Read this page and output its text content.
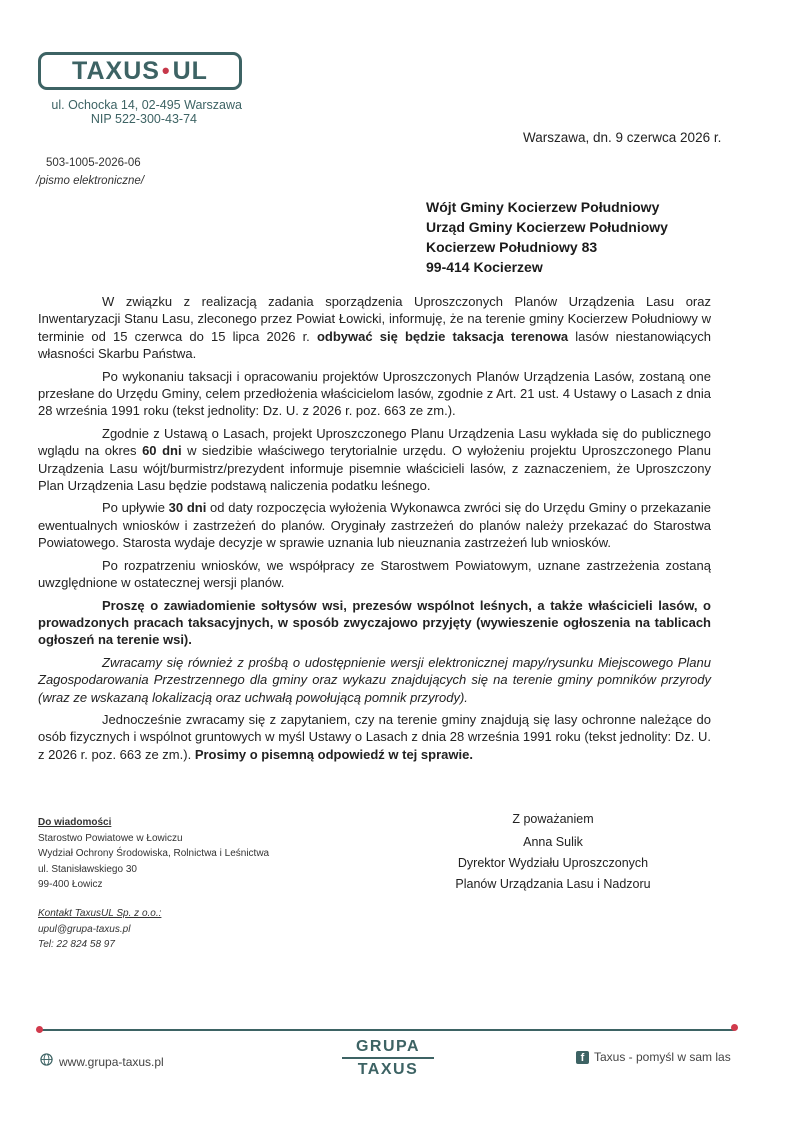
TAXUS • UL
ul. Ochocka 14, 02-495 Warszawa
NIP 522-300-43-74
Warszawa, dn. 9 czerwca 2026 r.
503-1005-2026-06
/pismo elektroniczne/
Wójt Gminy Kocierzew Południowy
Urząd Gminy Kocierzew Południowy
Kocierzew Południowy 83
99-414 Kocierzew

W związku z realizacją zadania sporządzenia Uproszczonych Planów Urządzenia Lasu oraz Inwentaryzacji Stanu Lasu, zleconego przez Powiat Łowicki, informuję, że na terenie gminy Kocierzew Południowy w terminie od 15 czerwca do 15 lipca 2026 r. odbywać się będzie taksacja terenowa lasów niestanowiących własności Skarbu Państwa.

Po wykonaniu taksacji i opracowaniu projektów Uproszczonych Planów Urządzenia Lasów, zostaną one przesłane do Urzędu Gminy, celem przedłożenia właścicielom lasów, zgodnie z Art. 21 ust. 4 Ustawy o Lasach z dnia 28 września 1991 roku (tekst jednolity: Dz. U. z 2026 r. poz. 663 ze zm.).

Zgodnie z Ustawą o Lasach, projekt Uproszczonego Planu Urządzenia Lasu wykłada się do publicznego wglądu na okres 60 dni w siedzibie właściwego terytorialnie urzędu. O wyłożeniu projektu Uproszczonego Planu Urządzenia Lasu wójt/burmistrz/prezydent informuje pisemnie właścicieli lasów, z zaznaczeniem, że Uproszczony Plan Urządzenia Lasu będzie podstawą naliczenia podatku leśnego.

Po upływie 30 dni od daty rozpoczęcia wyłożenia Wykonawca zwróci się do Urzędu Gminy o przekazanie ewentualnych wniosków i zastrzeżeń do planów. Oryginały zastrzeżeń do planów należy przekazać do Starostwa Powiatowego. Starosta wydaje decyzje w sprawie uznania lub nieuznania zastrzeżeń lub wniosków.

Po rozpatrzeniu wniosków, we współpracy ze Starostwem Powiatowym, uznane zastrzeżenia zostaną uwzględnione w ostatecznej wersji planów.

Proszę o zawiadomienie sołtysów wsi, prezesów wspólnot leśnych, a także właścicieli lasów, o prowadzonych pracach taksacyjnych, w sposób zwyczajowo przyjęty (wywieszenie ogłoszenia na tablicach ogłoszeń na terenie wsi).

Zwracamy się również z prośbą o udostępnienie wersji elektronicznej mapy/rysunku Miejscowego Planu Zagospodarowania Przestrzennego dla gminy oraz wykazu znajdujących się na terenie gminy pomników przyrody (wraz ze wskazaną lokalizacją oraz uchwałą powołującą pomnik przyrody).

Jednocześnie zwracamy się z zapytaniem, czy na terenie gminy znajdują się lasy ochronne należące do osób fizycznych i wspólnot gruntowych w myśl Ustawy o Lasach z dnia 28 września 1991 roku (tekst jednolity: Dz. U. z 2026 r. poz. 663 ze zm.). Prosimy o pisemną odpowiedź w tej sprawie.

Do wiadomości
Starostwo Powiatowe w Łowiczu
Wydział Ochrony Środowiska, Rolnictwa i Leśnictwa
ul. Stanisławskiego 30
99-400 Łowicz
Kontakt TaxusUL Sp. z o.o.:
upul@grupa-taxus.pl
Tel: 22 824 58 97
Z poważaniem
Anna Sulik
Dyrektor Wydziału Uproszczonych
Planów Urządzania Lasu i Nadzoru
www.grupa-taxus.pl
GRUPA
TAXUS
f Taxus - pomyśl w sam las
